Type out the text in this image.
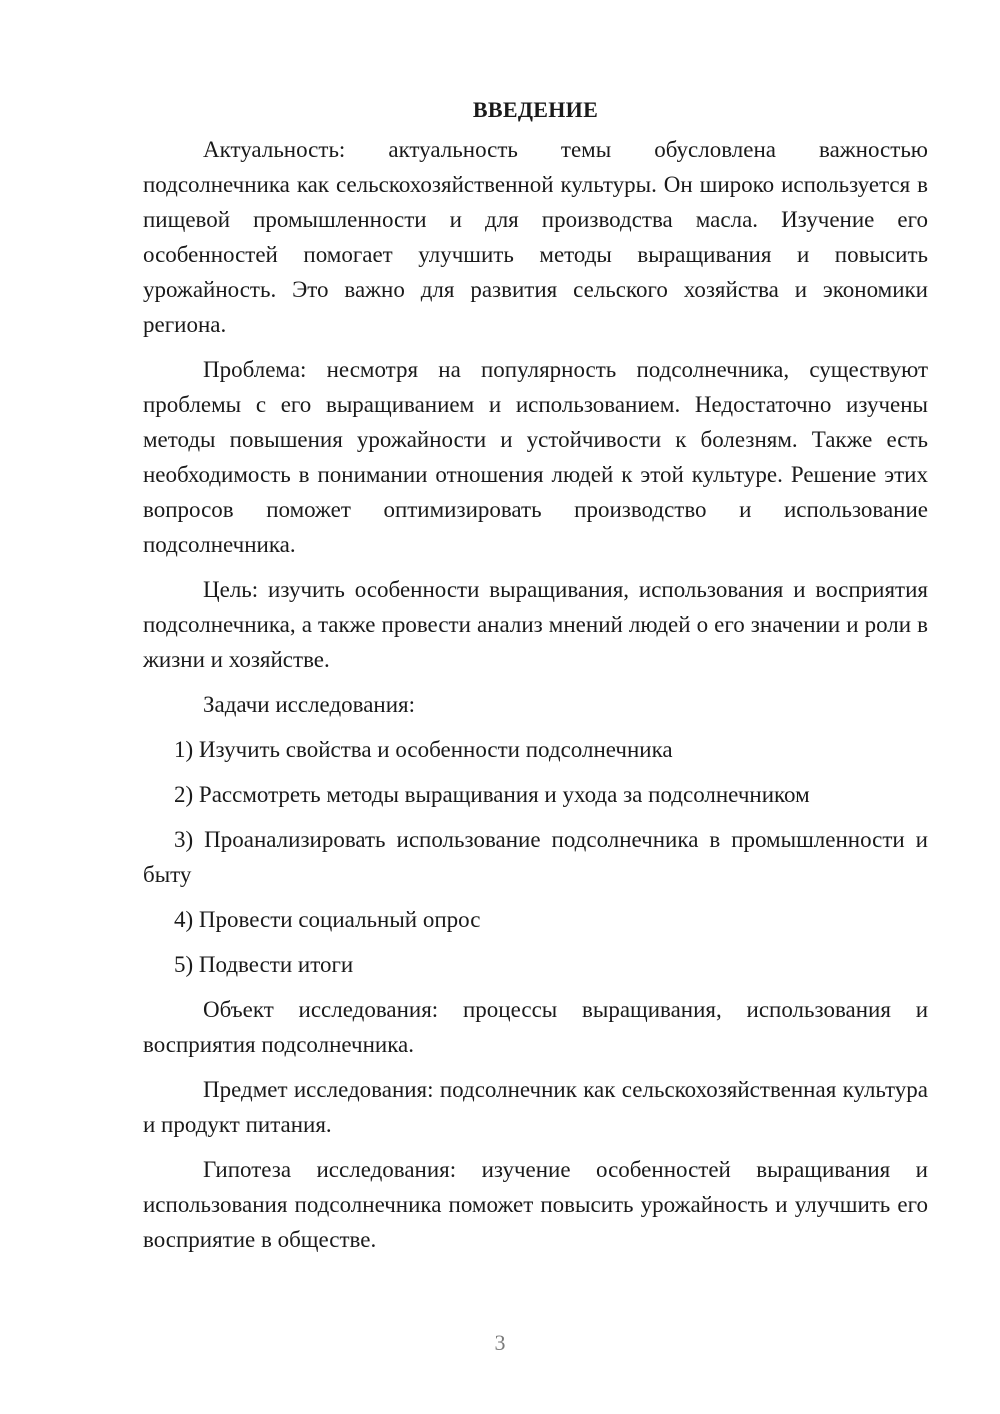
ВВЕДЕНИЕ

Актуальность: актуальность темы обусловлена важностью подсолнечника как сельскохозяйственной культуры. Он широко используется в пищевой промышленности и для производства масла. Изучение его особенностей помогает улучшить методы выращивания и повысить урожайность. Это важно для развития сельского хозяйства и экономики региона.

Проблема: несмотря на популярность подсолнечника, существуют проблемы с его выращиванием и использованием. Недостаточно изучены методы повышения урожайности и устойчивости к болезням. Также есть необходимость в понимании отношения людей к этой культуре. Решение этих вопросов поможет оптимизировать производство и использование подсолнечника.

Цель: изучить особенности выращивания, использования и восприятия подсолнечника, а также провести анализ мнений людей о его значении и роли в жизни и хозяйстве.

Задачи исследования:

1) Изучить свойства и особенности подсолнечника
2) Рассмотреть методы выращивания и ухода за подсолнечником
3) Проанализировать использование подсолнечника в промышленности и быту
4) Провести социальный опрос
5) Подвести итоги

Объект исследования: процессы выращивания, использования и восприятия подсолнечника.

Предмет исследования: подсолнечник как сельскохозяйственная культура и продукт питания.

Гипотеза исследования: изучение особенностей выращивания и использования подсолнечника поможет повысить урожайность и улучшить его восприятие в обществе.

3
